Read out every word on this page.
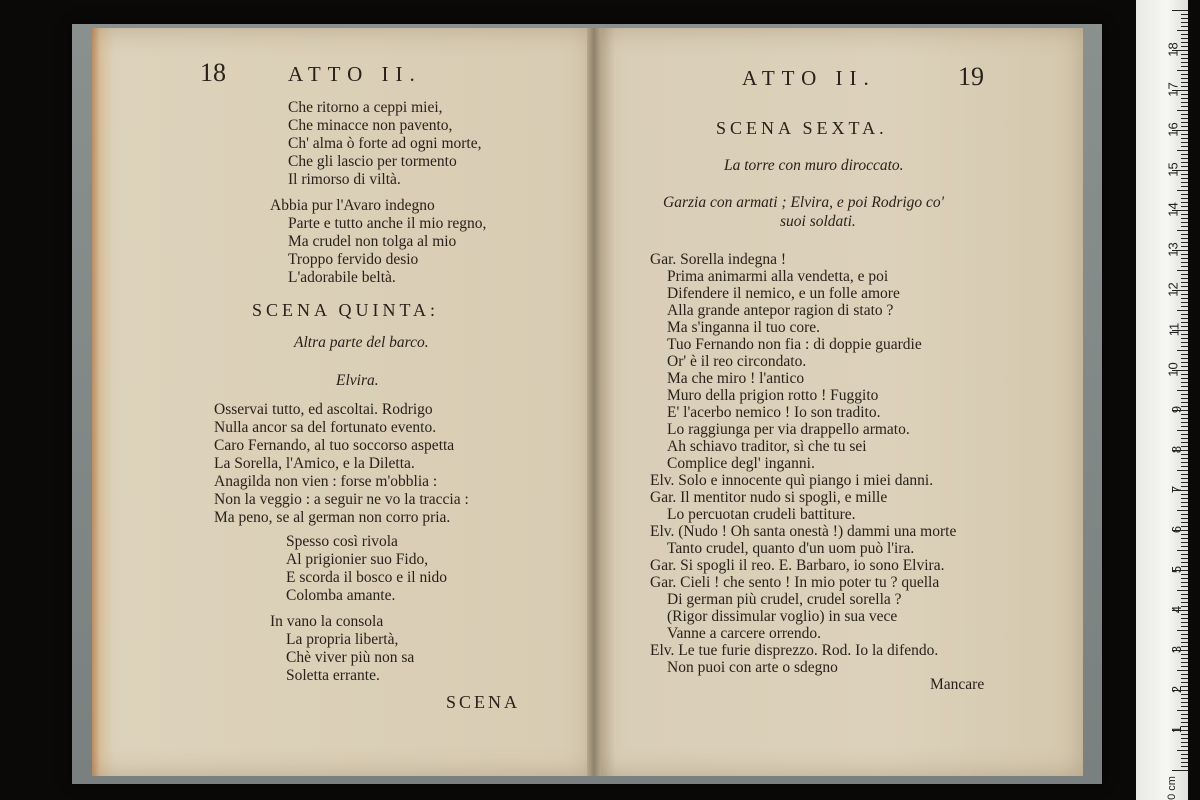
18	ATTO II.
Che ritorno a ceppi miei,
Che minacce non pavento,
Ch' alma ò forte ad ogni morte,
Che gli lascio per tormento
Il rimorso di viltà.
Abbia pur l'Avaro indegno
Parte e tutto anche il mio regno,
Ma crudel non tolga al mio
Troppo fervido desio
L'adorabile beltà.
SCENA QUINTA:
Altra parte del barco.
Elvira.
Osservai tutto, ed ascoltai. Rodrigo
Nulla ancor sa del fortunato evento.
Caro Fernando, al tuo soccorso aspetta
La Sorella, l'Amico, e la Diletta.
Anagilda non vien : forse m'obblia :
Non la veggio : a seguir ne vo la traccia :
Ma peno, se al german non corro pria.
Spesso così rivola
Al prigionier suo Fido,
E scorda il bosco e il nido
Colomba amante.
In vano la consola
La propria libertà,
Chè viver più non sa
Soletta errante.
SCENA
ATTO II.	19
SCENA SEXTA.
La torre con muro diroccato.
Garzia con armati ; Elvira, e poi Rodrigo co'
suoi soldati.
Gar. Sorella indegna !
Prima animarmi alla vendetta, e poi
Difendere il nemico, e un folle amore
Alla grande antepor ragion di stato ?
Ma s'inganna il tuo core.
Tuo Fernando non fia : di doppie guardie
Or' è il reo circondato.
Ma che miro ! l'antico
Muro della prigion rotto ! Fuggito
E' l'acerbo nemico ! Io son tradito.
Lo raggiunga per via drappello armato.
Ah schiavo traditor, sì che tu sei
Complice degl' inganni.
Elv. Solo e innocente quì piango i miei danni.
Gar. Il mentitor nudo si spogli, e mille
Lo percuotan crudeli battiture.
Elv. (Nudo ! Oh santa onestà !) dammi una morte
Tanto crudel, quanto d'un uom può l'ira.
Gar. Si spogli il reo. E. Barbaro, io sono Elvira.
Gar. Cieli ! che sento ! In mio poter tu ? quella
Di german più crudel, crudel sorella ?
(Rigor dissimular voglio) in sua vece
Vanne a carcere orrendo.
Elv. Le tue furie disprezzo. Rod. Io la difendo.
Non puoi con arte o sdegno
Mancare
0 cm
1
2
3
4
5
6
7
8
9
10
11
12
13
14
15
16
17
18
